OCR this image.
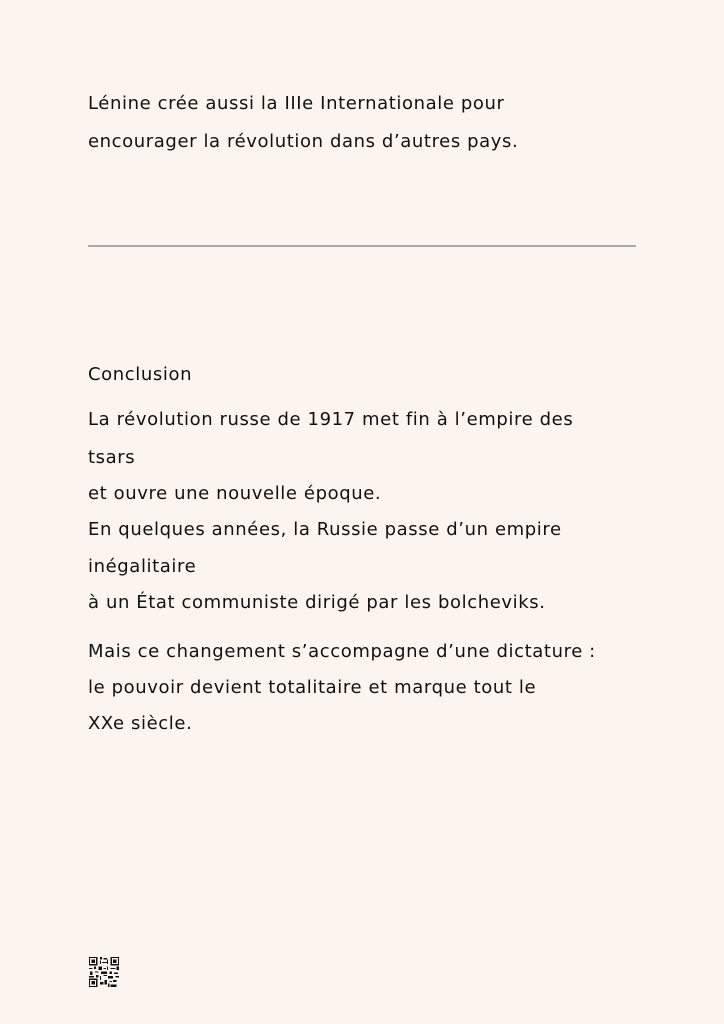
Lénine crée aussi la IIIe Internationale pour

encourager la révolution dans d’autres pays.

Conclusion

La révolution russe de 1917 met fin à l’empire des

tsars

et ouvre une nouvelle époque.

En quelques années, la Russie passe d’un empire

inégalitaire

à un État communiste dirigé par les bolcheviks.

Mais ce changement s’accompagne d’une dictature :

le pouvoir devient totalitaire et marque tout le

XXe siècle.
